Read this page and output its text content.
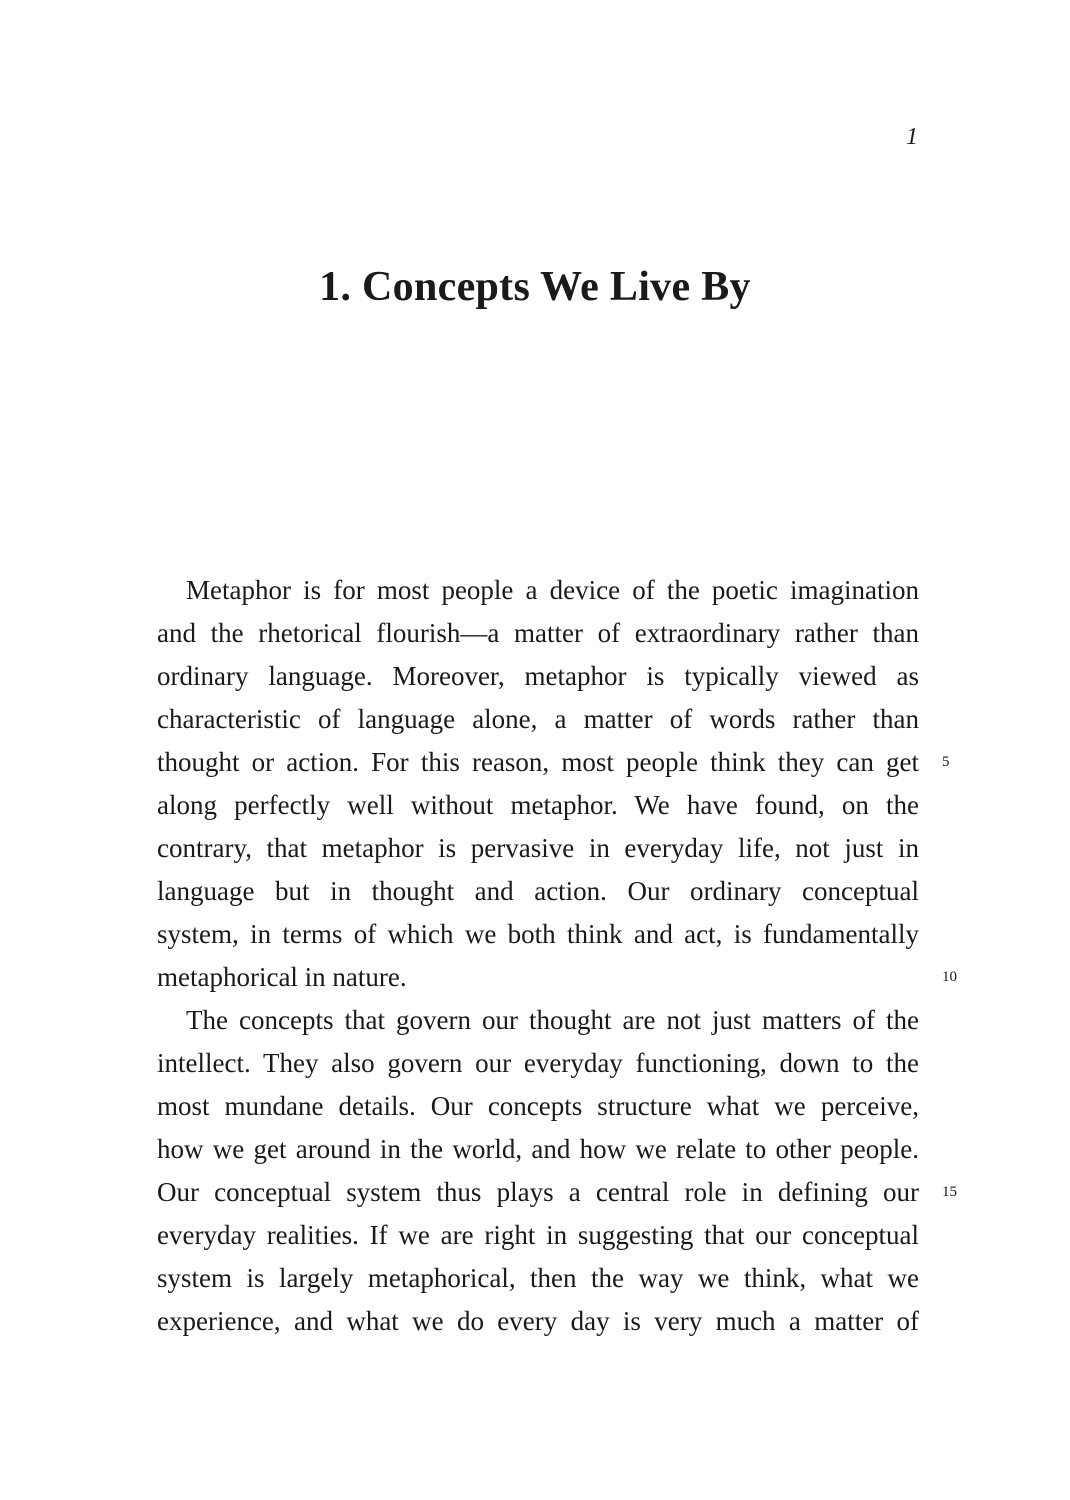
1
1. Concepts We Live By
Metaphor is for most people a device of the poetic imagination
and the rhetorical flourish—a matter of extraordinary rather than
ordinary language. Moreover, metaphor is typically viewed as
characteristic of language alone, a matter of words rather than
thought or action. For this reason, most people think they can get 5
along perfectly well without metaphor. We have found, on the
contrary, that metaphor is pervasive in everyday life, not just in
language but in thought and action. Our ordinary conceptual
system, in terms of which we both think and act, is fundamentally
metaphorical in nature.	10
The concepts that govern our thought are not just matters of the
intellect. They also govern our everyday functioning, down to the
most mundane details. Our concepts structure what we perceive,
how we get around in the world, and how we relate to other people.
Our conceptual system thus plays a central role in defining our 15
everyday realities. If we are right in suggesting that our conceptual
system is largely metaphorical, then the way we think, what we
experience, and what we do every day is very much a matter of
